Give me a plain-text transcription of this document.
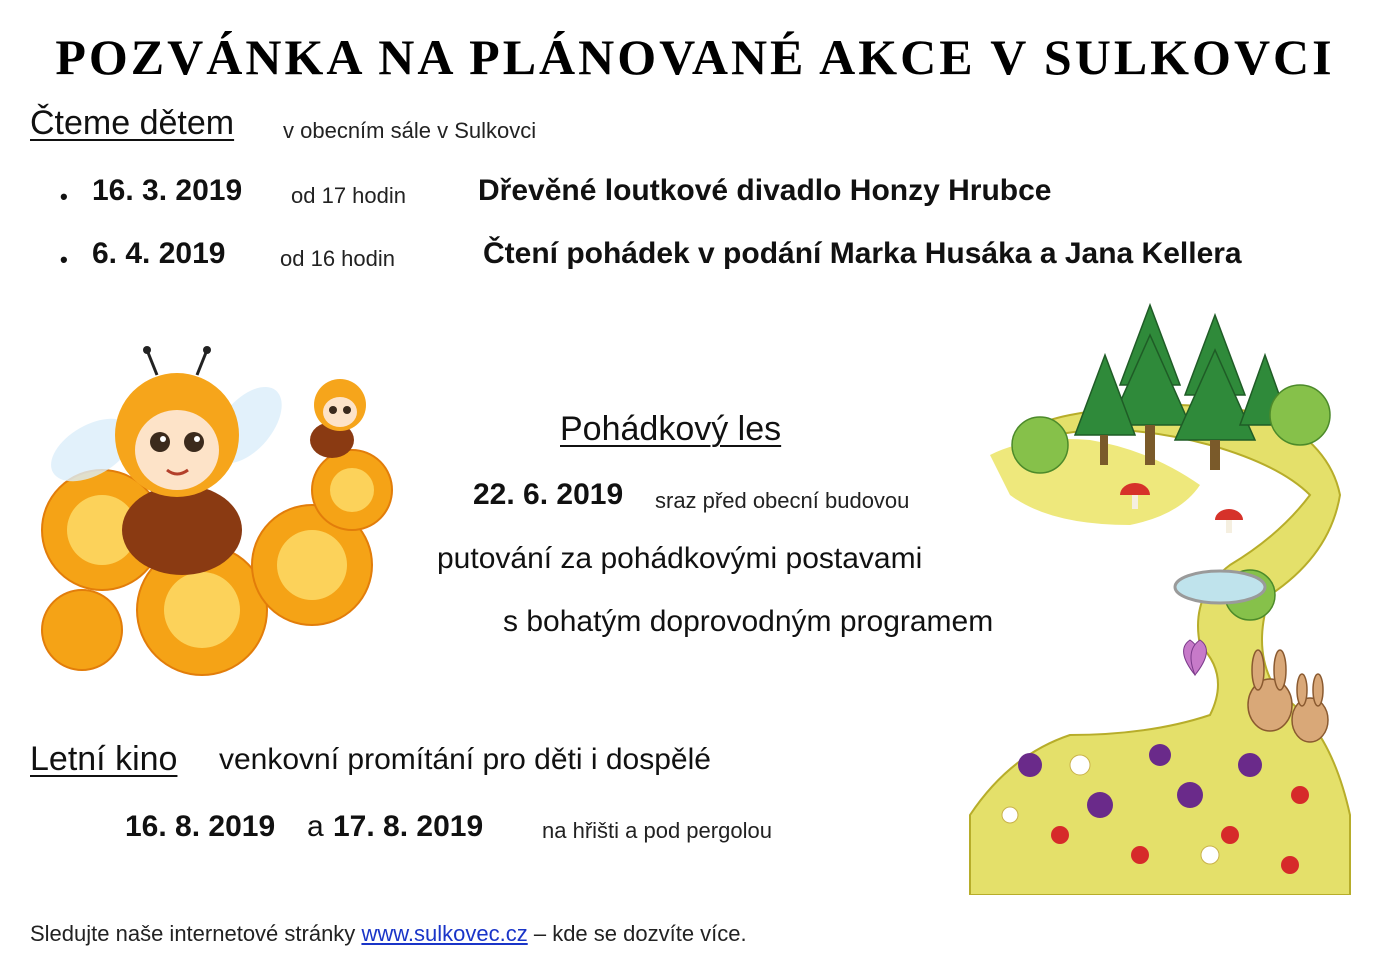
POZVÁNKA NA PLÁNOVANÉ AKCE V SULKOVCI
Čteme dětem v obecním sále v Sulkovci
• 16. 3. 2019 od 17 hodin Dřevěné loutkové divadlo Honzy Hrubce
• 6. 4. 2019 od 16 hodin	Čtení pohádek v podání Marka Husáka a Jana Kellera
Pohádkový les
22. 6. 2019 sraz před obecní budovou
putování za pohádkovými postavami
s bohatým doprovodným programem
Letní kino venkovní promítání pro děti i dospělé
16. 8. 2019 a 17. 8. 2019	na hřišti a pod pergolou
Sledujte naše internetové stránky www.sulkovec.cz – kde se dozvíte více.
